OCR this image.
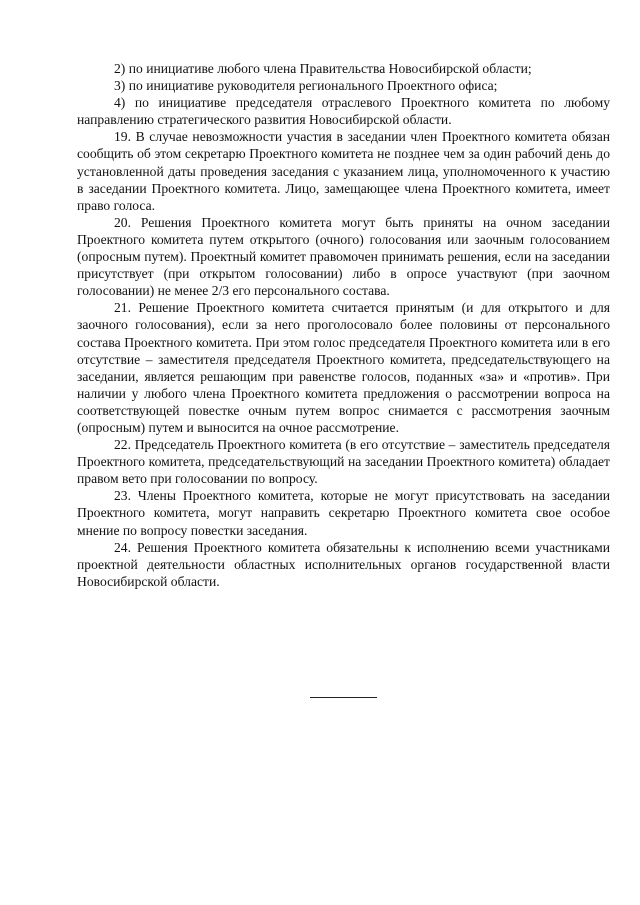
2) по инициативе любого члена Правительства Новосибирской области;

3) по инициативе руководителя регионального Проектного офиса;

4) по инициативе председателя отраслевого Проектного комитета по любому направлению стратегического развития Новосибирской области.

19. В случае невозможности участия в заседании член Проектного комитета обязан сообщить об этом секретарю Проектного комитета не позднее чем за один рабочий день до установленной даты проведения заседания с указанием лица, уполномоченного к участию в заседании Проектного комитета. Лицо, замещающее члена Проектного комитета, имеет право голоса.

20. Решения Проектного комитета могут быть приняты на очном заседании Проектного комитета путем открытого (очного) голосования или заочным голосованием (опросным путем). Проектный комитет правомочен принимать решения, если на заседании присутствует (при открытом голосовании) либо в опросе участвуют (при заочном голосовании) не менее 2/3 его персонального состава.

21. Решение Проектного комитета считается принятым (и для открытого и для заочного голосования), если за него проголосовало более половины от персонального состава Проектного комитета. При этом голос председателя Проектного комитета или в его отсутствие – заместителя председателя Проектного комитета, председательствующего на заседании, является решающим при равенстве голосов, поданных «за» и «против». При наличии у любого члена Проектного комитета предложения о рассмотрении вопроса на соответствующей повестке очным путем вопрос снимается с рассмотрения заочным (опросным) путем и выносится на очное рассмотрение.

22. Председатель Проектного комитета (в его отсутствие – заместитель председателя Проектного комитета, председательствующий на заседании Проектного комитета) обладает правом вето при голосовании по вопросу.

23. Члены Проектного комитета, которые не могут присутствовать на заседании Проектного комитета, могут направить секретарю Проектного комитета свое особое мнение по вопросу повестки заседания.

24. Решения Проектного комитета обязательны к исполнению всеми участниками проектной деятельности областных исполнительных органов государственной власти Новосибирской области.
